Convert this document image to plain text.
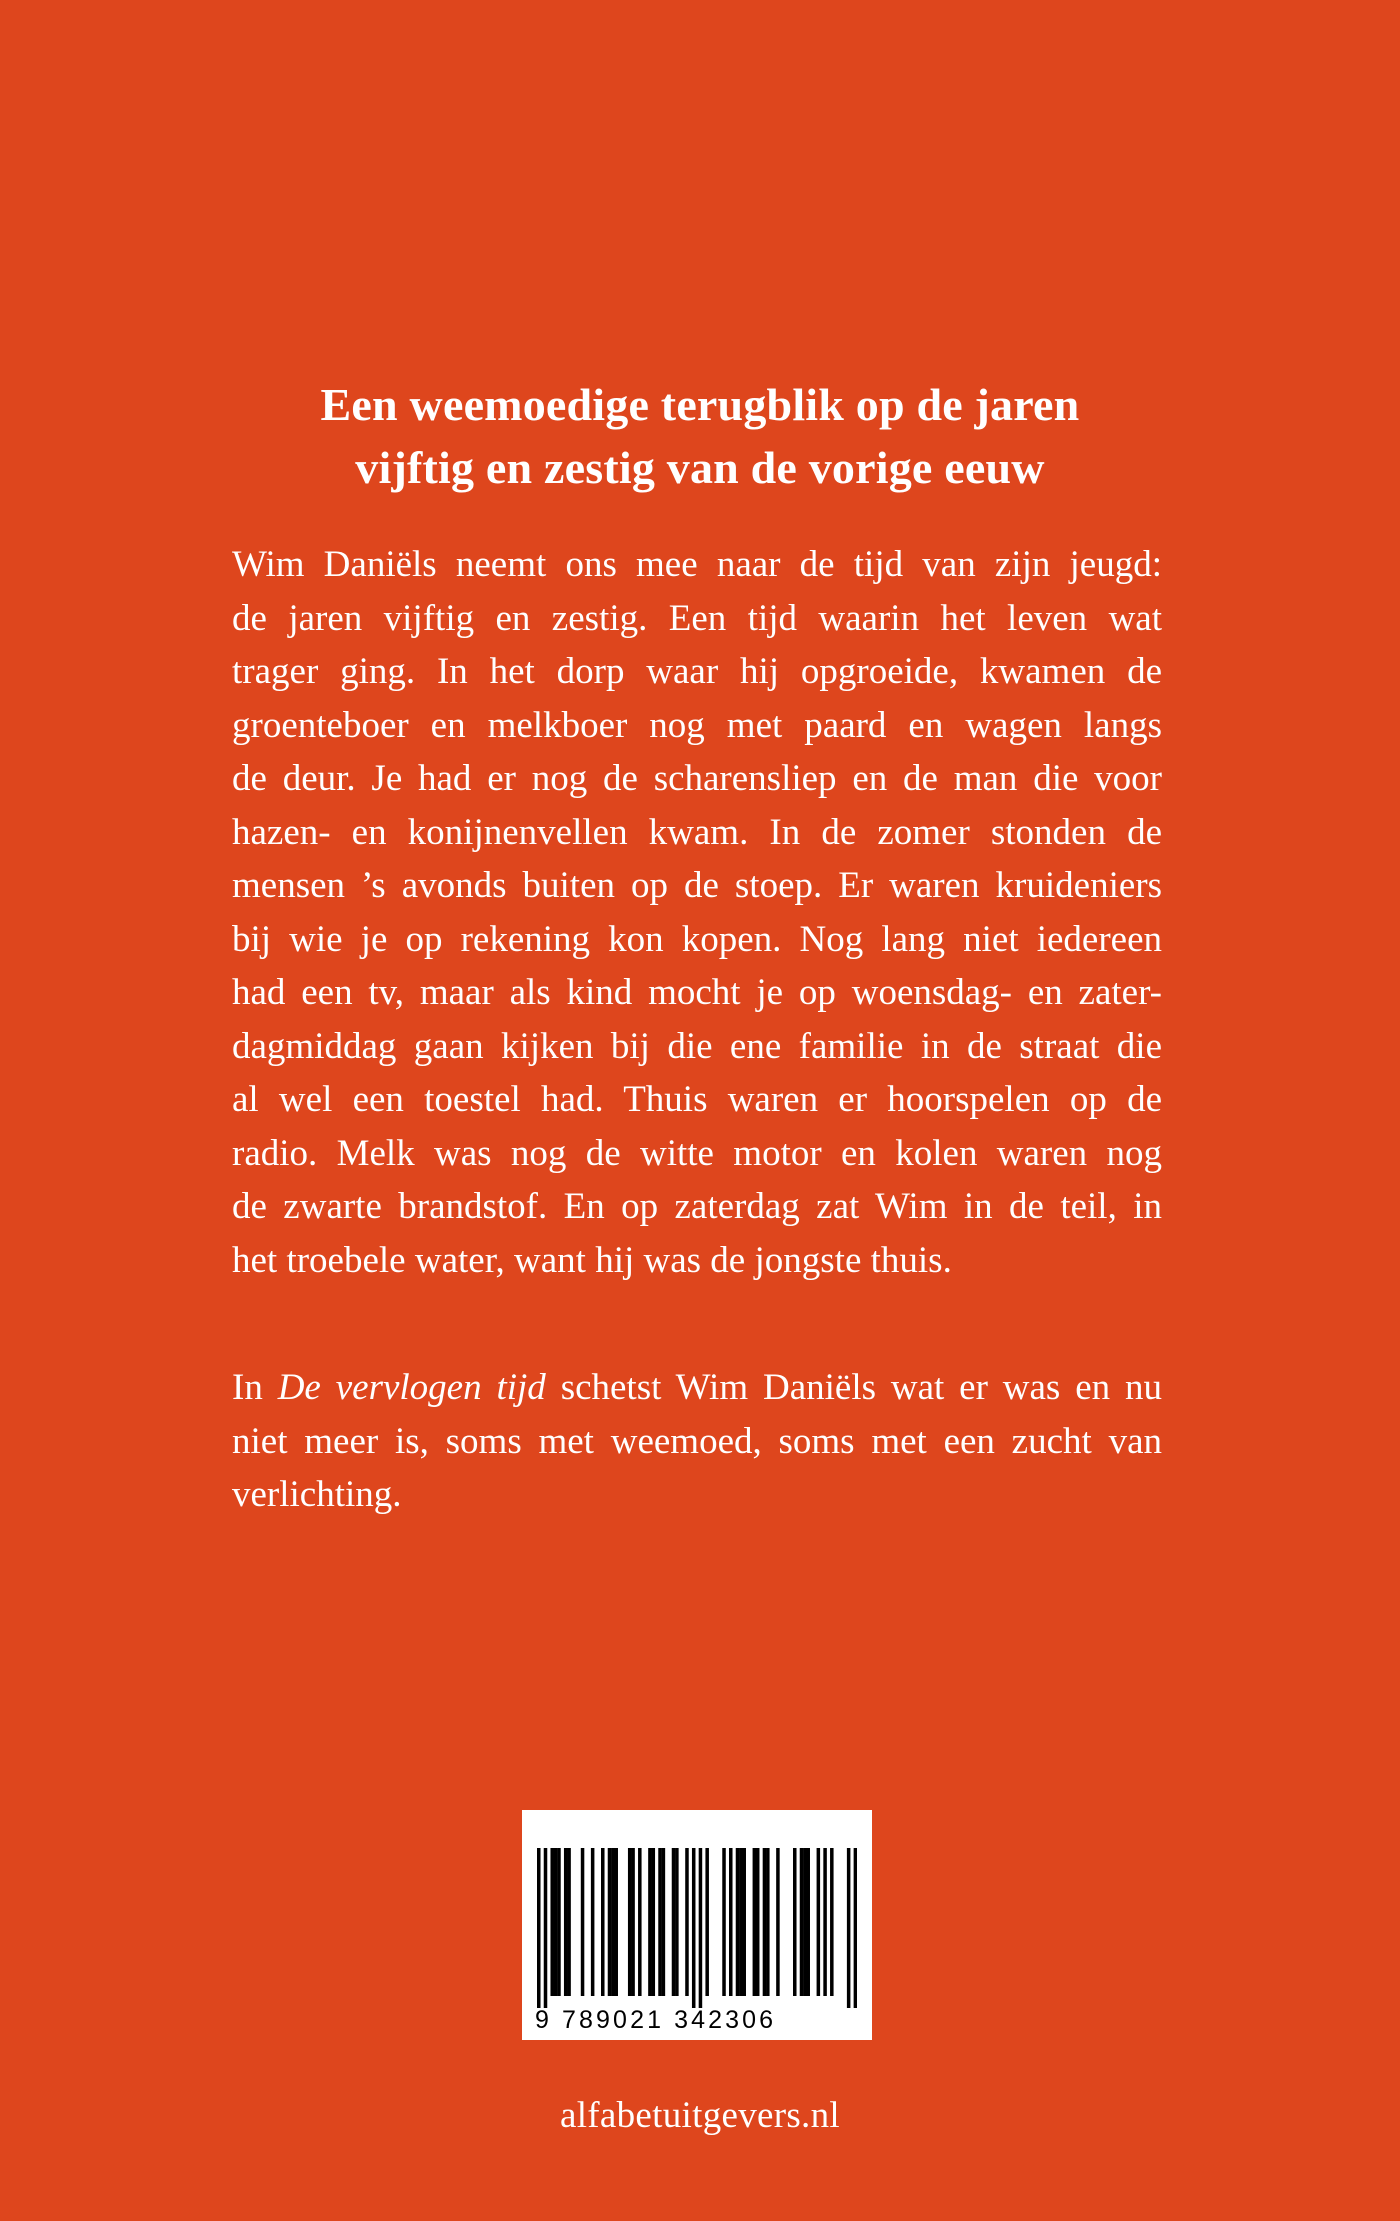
Een weemoedige terugblik op de jaren
vijftig en zestig van de vorige eeuw
Wim Daniëls neemt ons mee naar de tijd van zijn jeugd:
de jaren vijftig en zestig. Een tijd waarin het leven wat
trager ging. In het dorp waar hij opgroeide, kwamen de
groenteboer en melkboer nog met paard en wagen langs
de deur. Je had er nog de scharensliep en de man die voor
hazen- en konijnenvellen kwam. In de zomer stonden de
mensen ’s avonds buiten op de stoep. Er waren kruideniers
bij wie je op rekening kon kopen. Nog lang niet iedereen
had een tv, maar als kind mocht je op woensdag- en zater-
dagmiddag gaan kijken bij die ene familie in de straat die
al wel een toestel had. Thuis waren er hoorspelen op de
radio. Melk was nog de witte motor en kolen waren nog
de zwarte brandstof. En op zaterdag zat Wim in de teil, in
het troebele water, want hij was de jongste thuis.
In De vervlogen tijd schetst Wim Daniëls wat er was en nu
niet meer is, soms met weemoed, soms met een zucht van
verlichting.
9 789021 342306
alfabetuitgevers.nl
